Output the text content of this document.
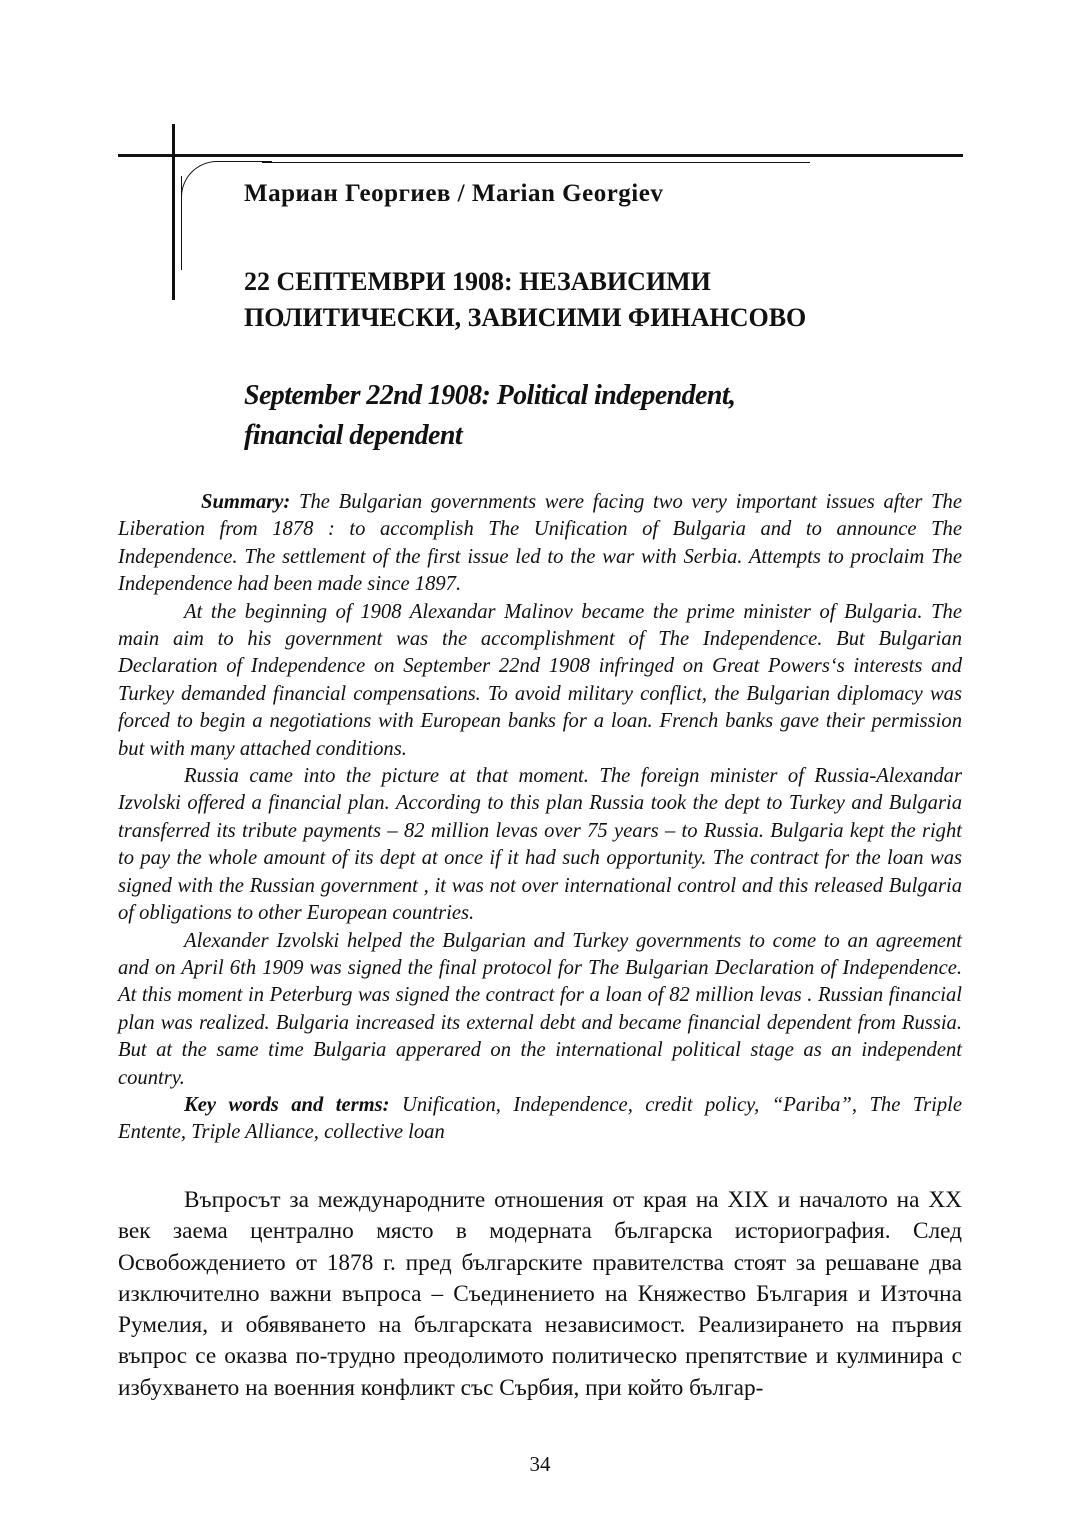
Мариан Георгиев / Marian Georgiev
22 СЕПТЕМВРИ 1908: НЕЗАВИСИМИ
ПОЛИТИЧЕСКИ, ЗАВИСИМИ ФИНАНСОВО
September 22nd 1908: Political independent,
financial dependent

Summary: The Bulgarian governments were facing two very important issues after The Liberation from 1878 : to accomplish The Unification of Bulgaria and to announce The Independence. The settlement of the first issue led to the war with Serbia. Attempts to proclaim The Independence had been made since 1897.

At the beginning of 1908 Alexandar Malinov became the prime minister of Bulgaria. The main aim to his government was the accomplishment of The Independence. But Bulgarian Declaration of Independence on September 22nd 1908 infringed on Great Powers‘s interests and Turkey demanded financial compensations. To avoid military conflict, the Bulgarian diplomacy was forced to begin a negotiations with European banks for a loan. French banks gave their permission but with many attached conditions.

Russia came into the picture at that moment. The foreign minister of Russia-Alexandar Izvolski offered a financial plan. According to this plan Russia took the dept to Turkey and Bulgaria transferred its tribute payments – 82 million levas over 75 years – to Russia. Bulgaria kept the right to pay the whole amount of its dept at once if it had such opportunity. The contract for the loan was signed with the Russian government , it was not over international control and this released Bulgaria of obligations to other European countries.

Alexander Izvolski helped the Bulgarian and Turkey governments to come to an agreement and on April 6th 1909 was signed the final protocol for The Bulgarian Declaration of Independence. At this moment in Peterburg was signed the contract for a loan of 82 million levas . Russian financial plan was realized. Bulgaria increased its external debt and became financial dependent from Russia. But at the same time Bulgaria apperared on the international political stage as an independent country.

Key words and terms: Unification, Independence, credit policy, “Pariba”, The Triple Entente, Triple Alliance, collective loan

Въпросът за международните отношения от края на XIX и началото на XX век заема централно място в модерната българска историография. След Освобождението от 1878 г. пред българските правителства стоят за решаване два изключително важни въпроса – Съединението на Княжество България и Източна Румелия, и обявяването на българската независимост. Реализирането на първия въпрос се оказва по-трудно преодолимото политическо препятствие и кулминира с избухването на военния конфликт със Сърбия, при който българ-

34
